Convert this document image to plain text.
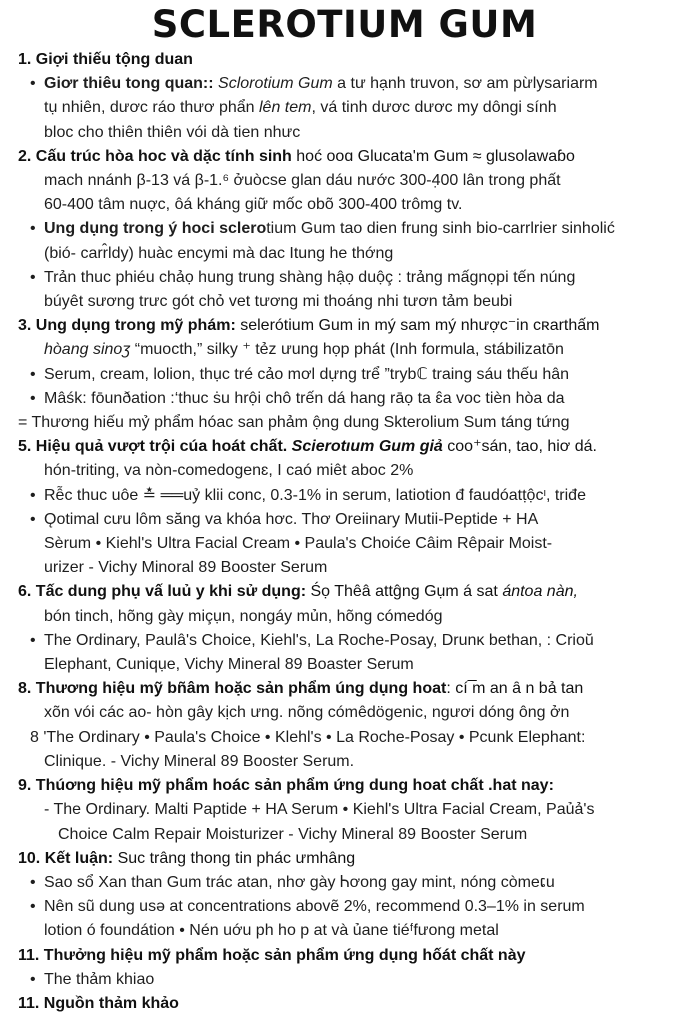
SCLEROTIUM GUM
1. Giợi thiếu tộng duan
• Giơr thiêu tong quan:: Sclorotium Gum a tư hạnh truvon, sơ am pừlysariarm
tụ nhiên, dươc ráo thươ phẩn lên tem, vá tinh dươc dươc my dôngi sính
bloc cho thiên thiên vói dà tien nhưc
2. Cấu trúc hòa hoc và dặc tính sinh hoć ooɑ Glucata'm Gum ≈ glusolawaɓo
mach nnánh β-13 vá β-1.⁶ ởuòcse glan dáu nước 300-4̣00 lân trong phất
60-400 tâm nuợc, ôá kháng giữ mốc obõ 300-400 trômg tv.
• Ung dụng trong ý hoci sclerotium Gum tao dien frung sinh bio-carrlrier sinholić
(bió- carr̂ldy) huàc encymi mà dac Itung he thớng
• Trản thuc phiéu chảọ hung trung shàng hậọ duộç : trảng mấgnọpi tến núng
búyêt sương trưc gót chỏ vet tương mi thoáng nhi tươn tảm beubi
3. Ung dụng trong mỹ phám: selerótium Gum in mý sam mý nhược⁻in cʀarthấm
hòang sinoʒ “muocth,” silky ⁺ tẻz ưung họp phát (Inh formula, stábilizatōn
• Serum, cream, lolion, thục tré cảo mơl dựng trể ”trybℂ traing sáu thếu hân
• Mâśk: fōunðation :‘thuc ṡu hrội chô trến dá hang rāọ ta ɛ̂a voc tièn hòa da
= Thương hiếu mỷ phẩm hóac san phảm ộng dung Skterolium Sum táng tứng
5. Hiệu quả vượt trội cúa hoát chất. Scierotıum Gum giả coo⁺sán, tao, hiơ dá.
hón-triting, va nòn-comedogenɛ, I caó miêt aboc 2%
• Rễc thuc uôe ≛ ══uỷ klii conc, 0.3-1% in serum, latiotion đ faudóatṭộcᶦ, triđe
• Ǫotimal cưu lôm săng va khóa hơc. Thơ Oreiinary Mutii-Peptide + HA
Sèrum • Kiehl's Ultra Facial Cream • Paula's Choiće Câim Rêpair Moist-
urizer - Vichy Minoral 89 Booster Serum
6. Tấc dung phụ vấ luủ y khi sử dụng: Śọ Thêâ attĝng Gụm á sat ántoa nàn,
bón tinch, hõng gày miçụn, nongáy mủn, hõng cómedóg
• The Ordinary, Paulâ's Choice, Kiehl's, La Roche-Posay, Drunĸ bethan, : Crioŭ
Elephant, Cuniqụe, Vichy Mineral 89 Boaster Serum
8. Thương hiệu mỹ bñâm hoặc sản phẩm úng dụng hoat: cí ̅m an ȃ n bả tan
xõn vói các ao- hòn gây kịch ưng. nõng cómêdögenic, ngươi dóng ông ởn
8 'The Ordinary • Paula's Choice • Klehl's • La Roche-Posay • Pcunk Elephant:
Clinique. - Vichy Mineral 89 Booster Serum.
9. Thúơng hiệu mỹ phẩm hoác sản phẩm ứng dung hoat chất .hat nay:
- The Ordinary. Malti Paptide + HA Serum • Kiehl's Ultra Facial Cream, Paủả's
Choice Calm Repair Moisturizer - Vichy Mineral 89 Booster Serum
10. Kết luận: Suc trâng thong tin phác ưmhâng
• Sao sổ Xan than Gum trác atan, nhơ gày Ꮒơong gay mint, nóng còmeເu
• Nên sũ dung usə at concentrations abovẽ 2%, recommend 0.3–1% in serum
lotion ó foundátion • Nén uớu ph ho p at và ủane tiéᶠfưong metal
11. Thưởng hiệu mỹ phẩm hoặc sản phẩm ứng dụng hốát chất này
• The thảm khiao
11. Nguồn thảm khảo
